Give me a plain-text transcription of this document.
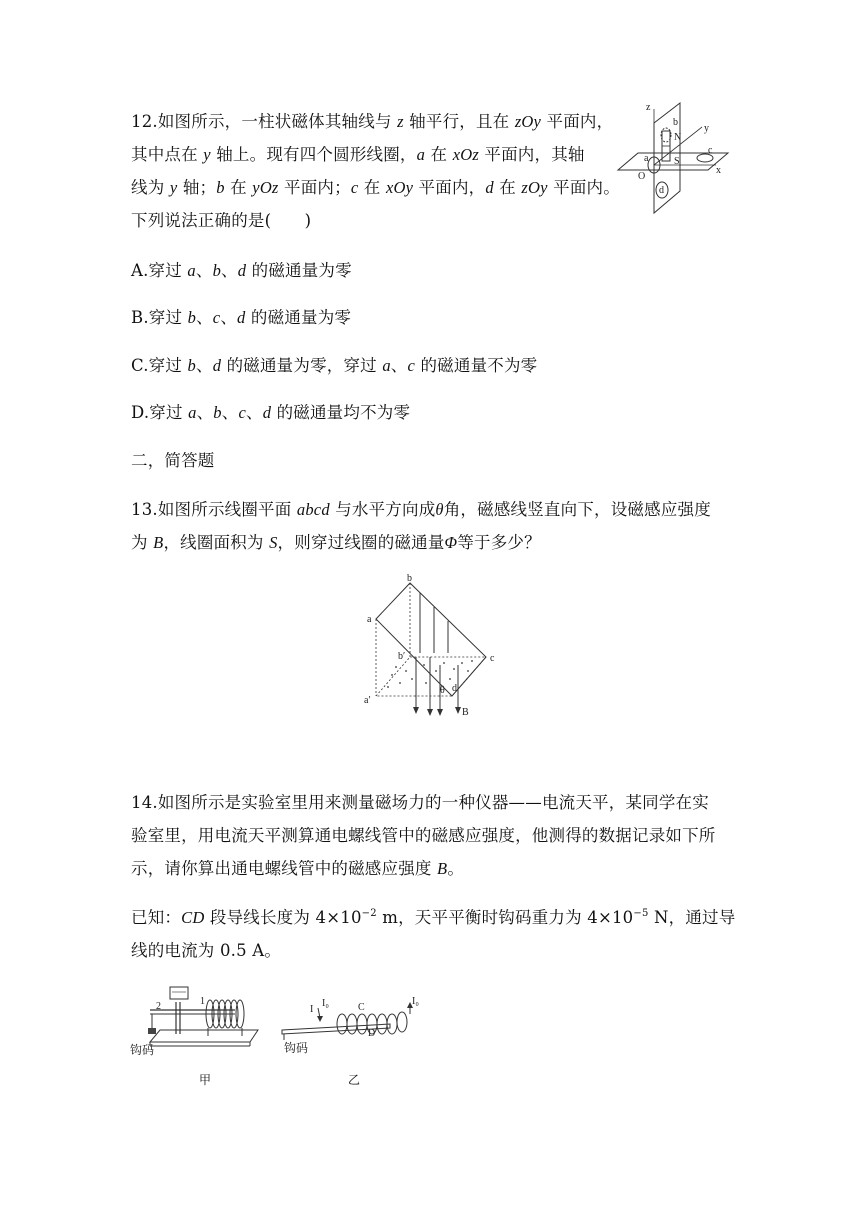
12.如图所示，一柱状磁体其轴线与 z 轴平行，且在 zOy 平面内，
其中点在 y 轴上。现有四个圆形线圈，a 在 xOz 平面内，其轴
线为 y 轴；b 在 yOz 平面内；c 在 xOy 平面内，d 在 zOy 平面内。
下列说法正确的是(　　)
z
y
x
O
a
b
c
d
N
S
A.穿过 a、b、d 的磁通量为零
B.穿过 b、c、d 的磁通量为零
C.穿过 b、d 的磁通量为零，穿过 a、c 的磁通量不为零
D.穿过 a、b、c、d 的磁通量均不为零
二，简答题
13.如图所示线圈平面 abcd 与水平方向成θ角，磁感线竖直向下，设磁感应强度
为 B，线圈面积为 S，则穿过线圈的磁通量Φ等于多少？
a
b
c
d
b′
a′
θ
B
14.如图所示是实验室里用来测量磁场力的一种仪器——电流天平，某同学在实
验室里，用电流天平测算通电螺线管中的磁感应强度，他测得的数据记录如下所
示，请你算出通电螺线管中的磁感应强度 B。
已知：CD 段导线长度为 $4\times 10^{-2}$ m，天平平衡时钩码重力为 $4\times 10^{-5}$ N，通过导
线的电流为 0.5 A。
2	1
钩码
I
I₀	I₀
C
D
钩码
甲	乙
